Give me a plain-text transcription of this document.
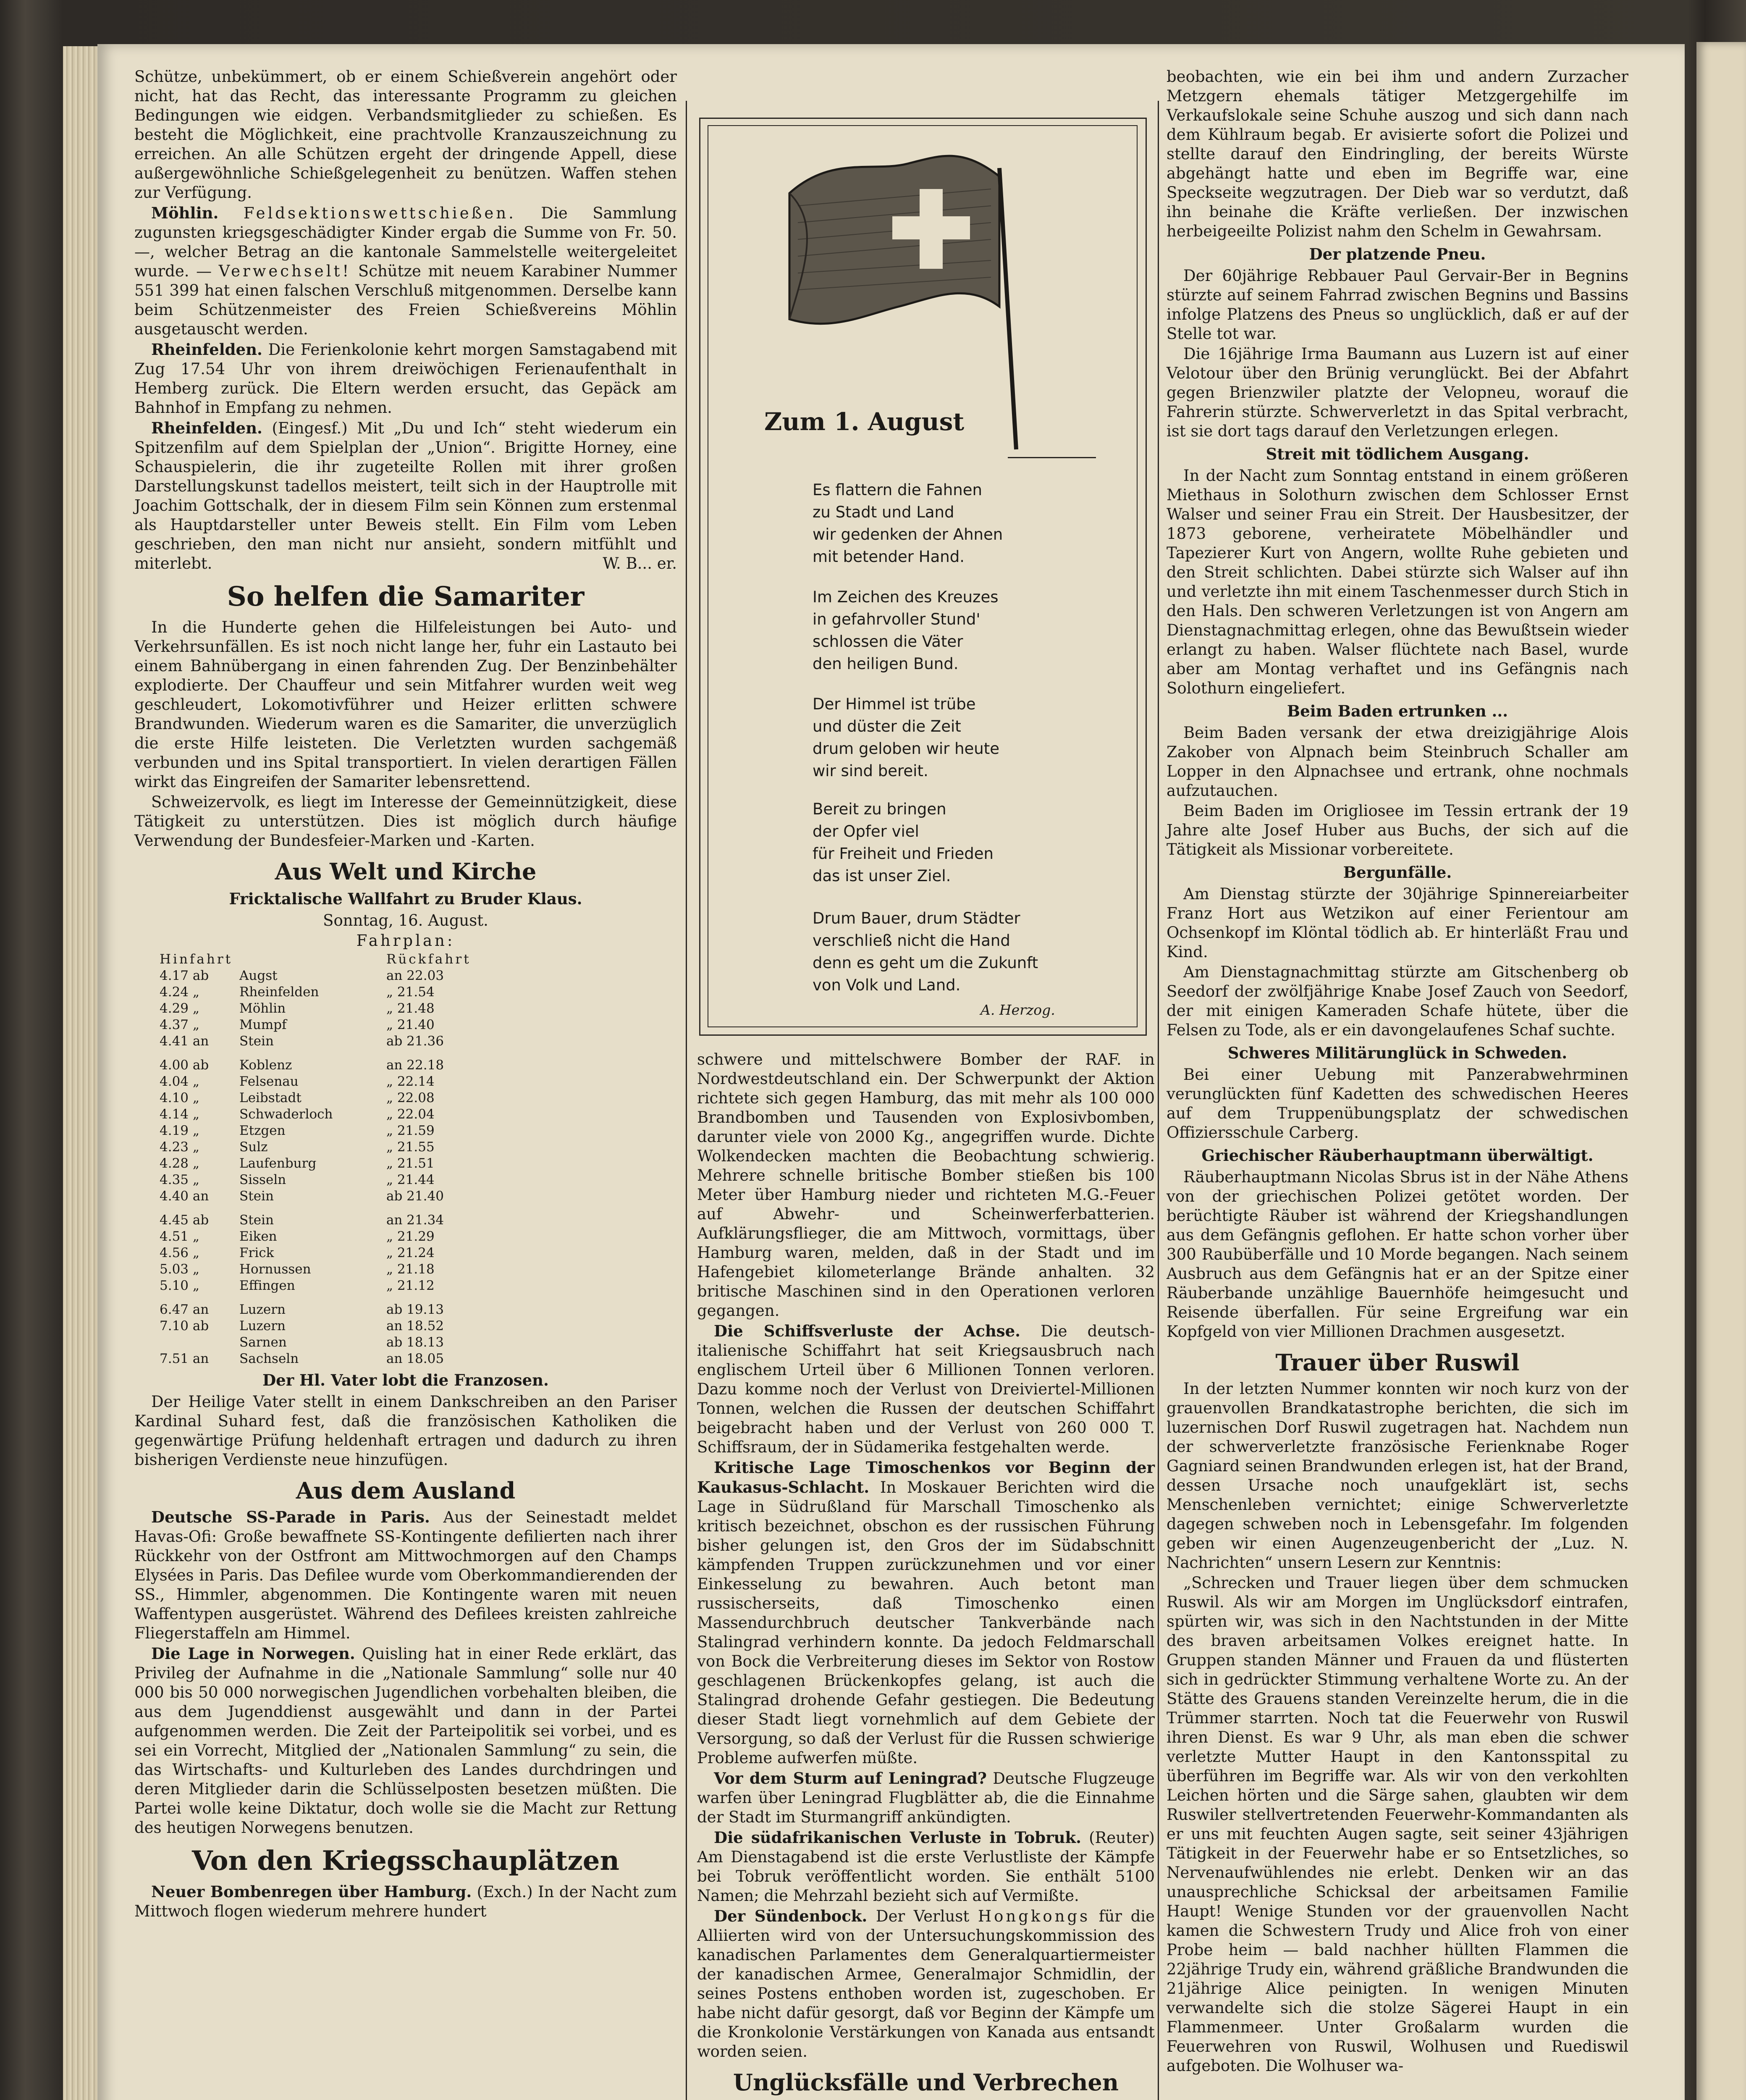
Schütze, unbekümmert, ob er einem Schießverein angehört oder nicht, hat das Recht, das interessante Programm zu gleichen Bedingungen wie eidgen. Verbandsmitglieder zu schießen. Es besteht die Möglichkeit, eine prachtvolle Kranzauszeichnung zu erreichen. An alle Schützen ergeht der dringende Appell, diese außergewöhnliche Schießgelegenheit zu benützen. Waffen stehen zur Verfügung.

Möhlin. Feldsektionswettschießen. Die Sammlung zugunsten kriegsgeschädigter Kinder ergab die Summe von Fr. 50.—, welcher Betrag an die kantonale Sammelstelle weitergeleitet wurde. — Verwechselt! Schütze mit neuem Karabiner Nummer 551 399 hat einen falschen Verschluß mitgenommen. Derselbe kann beim Schützenmeister des Freien Schießvereins Möhlin ausgetauscht werden.

Rheinfelden. Die Ferienkolonie kehrt morgen Samstagabend mit Zug 17.54 Uhr von ihrem dreiwöchigen Ferienaufenthalt in Hemberg zurück. Die Eltern werden ersucht, das Gepäck am Bahnhof in Empfang zu nehmen.

Rheinfelden. (Eingesf.) Mit „Du und Ich“ steht wiederum ein Spitzenfilm auf dem Spielplan der „Union“. Brigitte Horney, eine Schauspielerin, die ihr zugeteilte Rollen mit ihrer großen Darstellungskunst tadellos meistert, teilt sich in der Hauptrolle mit Joachim Gottschalk, der in diesem Film sein Können zum erstenmal als Hauptdarsteller unter Beweis stellt. Ein Film vom Leben geschrieben, den man nicht nur ansieht, sondern mitfühlt und miterlebt.	W. B... er.

So helfen die Samariter

In die Hunderte gehen die Hilfeleistungen bei Auto- und Verkehrsunfällen. Es ist noch nicht lange her, fuhr ein Lastauto bei einem Bahnübergang in einen fahrenden Zug. Der Benzinbehälter explodierte. Der Chauffeur und sein Mitfahrer wurden weit weg geschleudert, Lokomotivführer und Heizer erlitten schwere Brandwunden. Wiederum waren es die Samariter, die unverzüglich die erste Hilfe leisteten. Die Verletzten wurden sachgemäß verbunden und ins Spital transportiert. In vielen derartigen Fällen wirkt das Eingreifen der Samariter lebensrettend.

Schweizervolk, es liegt im Interesse der Gemeinnützigkeit, diese Tätigkeit zu unterstützen. Dies ist möglich durch häufige Verwendung der Bundesfeier-Marken und -Karten.

Aus Welt und Kirche

Fricktalische Wallfahrt zu Bruder Klaus.

Sonntag, 16. August.

Fahrplan:

Hinfahrt	Rückfahrt
4.17 ab	Augst	an 22.03
4.24 „	Rheinfelden	„ 21.54
4.29 „	Möhlin	„ 21.48
4.37 „	Mumpf	„ 21.40
4.41 an	Stein	ab 21.36
4.00 ab	Koblenz	an 22.18
4.04 „	Felsenau	„ 22.14
4.10 „	Leibstadt	„ 22.08
4.14 „	Schwaderloch	„ 22.04
4.19 „	Etzgen	„ 21.59
4.23 „	Sulz	„ 21.55
4.28 „	Laufenburg	„ 21.51
4.35 „	Sisseln	„ 21.44
4.40 an	Stein	ab 21.40
4.45 ab	Stein	an 21.34
4.51 „	Eiken	„ 21.29
4.56 „	Frick	„ 21.24
5.03 „	Hornussen	„ 21.18
5.10 „	Effingen	„ 21.12
6.47 an	Luzern	ab 19.13
7.10 ab	Luzern	an 18.52
Sarnen	ab 18.13
7.51 an	Sachseln	an 18.05

Der Hl. Vater lobt die Franzosen.

Der Heilige Vater stellt in einem Dankschreiben an den Pariser Kardinal Suhard fest, daß die französischen Katholiken die gegenwärtige Prüfung heldenhaft ertragen und dadurch zu ihren bisherigen Verdienste neue hinzufügen.

Aus dem Ausland

Deutsche SS-Parade in Paris. Aus der Seinestadt meldet Havas-Ofi: Große bewaffnete SS-Kontingente defilierten nach ihrer Rückkehr von der Ostfront am Mittwochmorgen auf den Champs Elysées in Paris. Das Defilee wurde vom Oberkommandierenden der SS., Himmler, abgenommen. Die Kontingente waren mit neuen Waffentypen ausgerüstet. Während des Defilees kreisten zahlreiche Fliegerstaffeln am Himmel.

Die Lage in Norwegen. Quisling hat in einer Rede erklärt, das Privileg der Aufnahme in die „Nationale Sammlung“ solle nur 40 000 bis 50 000 norwegischen Jugendlichen vorbehalten bleiben, die aus dem Jugenddienst ausgewählt und dann in der Partei aufgenommen werden. Die Zeit der Parteipolitik sei vorbei, und es sei ein Vorrecht, Mitglied der „Nationalen Sammlung“ zu sein, die das Wirtschafts- und Kulturleben des Landes durchdringen und deren Mitglieder darin die Schlüsselposten besetzen müßten. Die Partei wolle keine Diktatur, doch wolle sie die Macht zur Rettung des heutigen Norwegens benutzen.

Von den Kriegsschauplätzen

Neuer Bombenregen über Hamburg. (Exch.) In der Nacht zum Mittwoch flogen wiederum mehrere hundert

Zum 1. August
Es flattern die Fahnen
zu Stadt und Land
wir gedenken der Ahnen
mit betender Hand.
Im Zeichen des Kreuzes
in gefahrvoller Stund'
schlossen die Väter
den heiligen Bund.
Der Himmel ist trübe
und düster die Zeit
drum geloben wir heute
wir sind bereit.
Bereit zu bringen
der Opfer viel
für Freiheit und Frieden
das ist unser Ziel.
Drum Bauer, drum Städter
verschließ nicht die Hand
denn es geht um die Zukunft
von Volk und Land.
A. Herzog.

schwere und mittelschwere Bomber der RAF. in Nordwestdeutschland ein. Der Schwerpunkt der Aktion richtete sich gegen Hamburg, das mit mehr als 100 000 Brandbomben und Tausenden von Explosivbomben, darunter viele von 2000 Kg., angegriffen wurde. Dichte Wolkendecken machten die Beobachtung schwierig. Mehrere schnelle britische Bomber stießen bis 100 Meter über Hamburg nieder und richteten M.G.-Feuer auf Abwehr- und Scheinwerferbatterien. Aufklärungsflieger, die am Mittwoch, vormittags, über Hamburg waren, melden, daß in der Stadt und im Hafengebiet kilometerlange Brände anhalten. 32 britische Maschinen sind in den Operationen verloren gegangen.

Die Schiffsverluste der Achse. Die deutsch-italienische Schiffahrt hat seit Kriegsausbruch nach englischem Urteil über 6 Millionen Tonnen verloren. Dazu komme noch der Verlust von Dreiviertel-Millionen Tonnen, welchen die Russen der deutschen Schiffahrt beigebracht haben und der Verlust von 260 000 T. Schiffsraum, der in Südamerika festgehalten werde.

Kritische Lage Timoschenkos vor Beginn der Kaukasus-Schlacht. In Moskauer Berichten wird die Lage in Südrußland für Marschall Timoschenko als kritisch bezeichnet, obschon es der russischen Führung bisher gelungen ist, den Gros der im Südabschnitt kämpfenden Truppen zurückzunehmen und vor einer Einkesselung zu bewahren. Auch betont man russischerseits, daß Timoschenko einen Massendurchbruch deutscher Tankverbände nach Stalingrad verhindern konnte. Da jedoch Feldmarschall von Bock die Verbreiterung dieses im Sektor von Rostow geschlagenen Brückenkopfes gelang, ist auch die Stalingrad drohende Gefahr gestiegen. Die Bedeutung dieser Stadt liegt vornehmlich auf dem Gebiete der Versorgung, so daß der Verlust für die Russen schwierige Probleme aufwerfen müßte.

Vor dem Sturm auf Leningrad? Deutsche Flugzeuge warfen über Leningrad Flugblätter ab, die die Einnahme der Stadt im Sturmangriff ankündigten.

Die südafrikanischen Verluste in Tobruk. (Reuter) Am Dienstagabend ist die erste Verlustliste der Kämpfe bei Tobruk veröffentlicht worden. Sie enthält 5100 Namen; die Mehrzahl bezieht sich auf Vermißte.

Der Sündenbock. Der Verlust Hongkongs für die Alliierten wird von der Untersuchungskommission des kanadischen Parlamentes dem Generalquartiermeister der kanadischen Armee, Generalmajor Schmidlin, der seines Postens enthoben worden ist, zugeschoben. Er habe nicht dafür gesorgt, daß vor Beginn der Kämpfe um die Kronkolonie Verstärkungen von Kanada aus entsandt worden seien.

Unglücksfälle und Verbrechen

beobachten, wie ein bei ihm und andern Zurzacher Metzgern ehemals tätiger Metzgergehilfe im Verkaufslokale seine Schuhe auszog und sich dann nach dem Kühlraum begab. Er avisierte sofort die Polizei und stellte darauf den Eindringling, der bereits Würste abgehängt hatte und eben im Begriffe war, eine Speckseite wegzutragen. Der Dieb war so verdutzt, daß ihn beinahe die Kräfte verließen. Der inzwischen herbeigeeilte Polizist nahm den Schelm in Gewahrsam.

Der platzende Pneu.

Der 60jährige Rebbauer Paul Gervair-Ber in Begnins stürzte auf seinem Fahrrad zwischen Begnins und Bassins infolge Platzens des Pneus so unglücklich, daß er auf der Stelle tot war.

Die 16jährige Irma Baumann aus Luzern ist auf einer Velotour über den Brünig verunglückt. Bei der Abfahrt gegen Brienzwiler platzte der Velopneu, worauf die Fahrerin stürzte. Schwerverletzt in das Spital verbracht, ist sie dort tags darauf den Verletzungen erlegen.

Streit mit tödlichem Ausgang.

In der Nacht zum Sonntag entstand in einem größeren Miethaus in Solothurn zwischen dem Schlosser Ernst Walser und seiner Frau ein Streit. Der Hausbesitzer, der 1873 geborene, verheiratete Möbelhändler und Tapezierer Kurt von Angern, wollte Ruhe gebieten und den Streit schlichten. Dabei stürzte sich Walser auf ihn und verletzte ihn mit einem Taschenmesser durch Stich in den Hals. Den schweren Verletzungen ist von Angern am Dienstagnachmittag erlegen, ohne das Bewußtsein wieder erlangt zu haben. Walser flüchtete nach Basel, wurde aber am Montag verhaftet und ins Gefängnis nach Solothurn eingeliefert.

Beim Baden ertrunken ...

Beim Baden versank der etwa dreizigjährige Alois Zakober von Alpnach beim Steinbruch Schaller am Lopper in den Alpnachsee und ertrank, ohne nochmals aufzutauchen.

Beim Baden im Origliosee im Tessin ertrank der 19 Jahre alte Josef Huber aus Buchs, der sich auf die Tätigkeit als Missionar vorbereitete.

Bergunfälle.

Am Dienstag stürzte der 30jährige Spinnereiarbeiter Franz Hort aus Wetzikon auf einer Ferientour am Ochsenkopf im Klöntal tödlich ab. Er hinterläßt Frau und Kind.

Am Dienstagnachmittag stürzte am Gitschenberg ob Seedorf der zwölfjährige Knabe Josef Zauch von Seedorf, der mit einigen Kameraden Schafe hütete, über die Felsen zu Tode, als er ein davongelaufenes Schaf suchte.

Schweres Militärunglück in Schweden.

Bei einer Uebung mit Panzerabwehrminen verunglückten fünf Kadetten des schwedischen Heeres auf dem Truppenübungsplatz der schwedischen Offiziersschule Carberg.

Griechischer Räuberhauptmann überwältigt.

Räuberhauptmann Nicolas Sbrus ist in der Nähe Athens von der griechischen Polizei getötet worden. Der berüchtigte Räuber ist während der Kriegshandlungen aus dem Gefängnis geflohen. Er hatte schon vorher über 300 Raubüberfälle und 10 Morde begangen. Nach seinem Ausbruch aus dem Gefängnis hat er an der Spitze einer Räuberbande unzählige Bauernhöfe heimgesucht und Reisende überfallen. Für seine Ergreifung war ein Kopfgeld von vier Millionen Drachmen ausgesetzt.

Trauer über Ruswil

In der letzten Nummer konnten wir noch kurz von der grauenvollen Brandkatastrophe berichten, die sich im luzernischen Dorf Ruswil zugetragen hat. Nachdem nun der schwerverletzte französische Ferienknabe Roger Gagniard seinen Brandwunden erlegen ist, hat der Brand, dessen Ursache noch unaufgeklärt ist, sechs Menschenleben vernichtet; einige Schwerverletzte dagegen schweben noch in Lebensgefahr. Im folgenden geben wir einen Augenzeugenbericht der „Luz. N. Nachrichten“ unsern Lesern zur Kenntnis:

„Schrecken und Trauer liegen über dem schmucken Ruswil. Als wir am Morgen im Unglücksdorf eintrafen, spürten wir, was sich in den Nachtstunden in der Mitte des braven arbeitsamen Volkes ereignet hatte. In Gruppen standen Männer und Frauen da und flüsterten sich in gedrückter Stimmung verhaltene Worte zu. An der Stätte des Grauens standen Vereinzelte herum, die in die Trümmer starrten. Noch tat die Feuerwehr von Ruswil ihren Dienst. Es war 9 Uhr, als man eben die schwer verletzte Mutter Haupt in den Kantonsspital zu überführen im Begriffe war. Als wir von den verkohlten Leichen hörten und die Särge sahen, glaubten wir dem Ruswiler stellvertretenden Feuerwehr-Kommandanten als er uns mit feuchten Augen sagte, seit seiner 43jährigen Tätigkeit in der Feuerwehr habe er so Entsetzliches, so Nervenaufwühlendes nie erlebt. Denken wir an das unausprechliche Schicksal der arbeitsamen Familie Haupt! Wenige Stunden vor der grauenvollen Nacht kamen die Schwestern Trudy und Alice froh von einer Probe heim — bald nachher hüllten Flammen die 22jährige Trudy ein, während gräßliche Brandwunden die 21jährige Alice peinigten. In wenigen Minuten verwandelte sich die stolze Sägerei Haupt in ein Flammenmeer. Unter Großalarm wurden die Feuerwehren von Ruswil, Wolhusen und Ruediswil aufgeboten. Die Wolhuser wa-
